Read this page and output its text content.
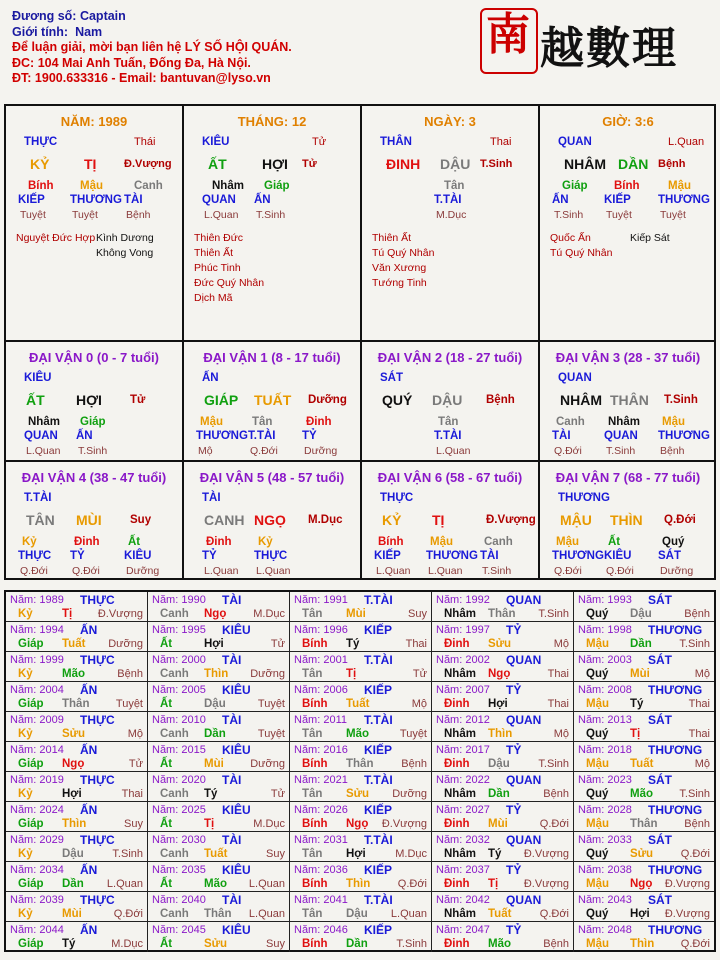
Đương số: Captain
Giới tính: Nam
Để luận giải, mời bạn liên hệ LÝ SỐ HỘI QUÁN.
ĐC: 104 Mai Anh Tuấn, Đống Đa, Hà Nội.
ĐT: 1900.633316 - Email: bantuvan@lyso.vn
南 越數理
NĂM: 1989
THỰC	Thái
KỶ TỊ	Đ.Vượng
Bính
KIẾP
Tuyệt
Mậu
THƯƠNG
Tuyệt
Canh
TÀI
Bệnh
Nguyệt Đức Hợp Kình Dương
Không Vong
THÁNG: 12
KIÊU	Tử
ẤT	HỢI Tử
Nhâm
QUAN
L.Quan
Giáp
ẤN
T.Sinh
Thiên Đức
Thiên Ất
Phúc Tinh
Đức Quý Nhân
Dịch Mã
NGÀY: 3
THÂN	Thai
ĐINH DẬU T.Sinh
Tân
T.TÀI
M.Dục
Thiên Ất
Tú Quý Nhân
Văn Xương
Tướng Tinh
GIỜ: 3:6
QUAN	L.Quan
NHÂM DẦN Bệnh
Giáp
ẤN
T.Sinh
Bính
KIẾP
Tuyệt
Mậu
THƯƠNG
Tuyệt
Quốc Ấn
Tú Quý Nhân
Kiếp Sát
ĐẠI VẬN 0 (0 - 7 tuổi)
KIÊU
ẤT HỢI Tử
Nhâm
QUAN
L.Quan
Giáp
ẤN
T.Sinh
ĐẠI VẬN 1 (8 - 17 tuổi)
ẤN
GIÁP TUẤT Dưỡng
Mậu
THƯƠNG
Mộ
Tân
T.TÀI
Q.Đới
Đinh
TỶ
Dưỡng
ĐẠI VẬN 2 (18 - 27 tuổi)
SÁT
QUÝ DẬU Bệnh
Tân
T.TÀI
L.Quan
ĐẠI VẬN 3 (28 - 37 tuổi)
QUAN
NHÂM THÂN T.Sinh
Canh
TÀI
Q.Đới
Nhâm
QUAN
T.Sinh
Mậu
THƯƠNG
Bệnh
ĐẠI VẬN 4 (38 - 47 tuổi)
T.TÀI
TÂN MÙI Suy
Kỷ
THỰC
Q.Đới
Đinh
TỶ
Q.Đới
Ất
KIÊU
Dưỡng
ĐẠI VẬN 5 (48 - 57 tuổi)
TÀI
CANH NGỌ M.Dục
Đinh
TỶ
L.Quan
Kỷ
THỰC
L.Quan
ĐẠI VẬN 6 (58 - 67 tuổi)
THỰC
KỶ TỊ	Đ.Vượng
Bính
KIẾP
L.Quan
Mậu
THƯƠNG
L.Quan
Canh
TÀI
T.Sinh
ĐẠI VẬN 7 (68 - 77 tuổi)
THƯƠNG
MẬU THÌN Q.Đới
Mậu
THƯƠNG
Q.Đới
Ất
KIÊU
Q.Đới
Quý
SÁT
Dưỡng
Năm: 1989 THỰC
Kỷ	Tị Đ.Vượng
Năm: 1990 TÀI
Canh Ngọ M.Dục
Năm: 1991 T.TÀI
Tân Mùi	Suy
Năm: 1992 QUAN
Nhâm Thân T.Sinh
Năm: 1993 SÁT
Quý Dậu	Bệnh
Năm: 1994 ẤN
Giáp Tuất Dưỡng
Năm: 1995 KIÊU
Ất	Hợi	Tử
Năm: 1996 KIẾP
Bính Tý	Thai
Năm: 1997 TỶ
Đinh Sửu	Mộ
Năm: 1998 THƯƠNG
Mậu Dần	T.Sinh
Năm: 1999 THỰC
Kỷ	Mão	Bệnh
Năm: 2000 TÀI
Canh Thìn Dưỡng
Năm: 2001 T.TÀI
Tân Tị	Tử
Năm: 2002 QUAN
Nhâm Ngọ	Thai
Năm: 2003 SÁT
Quý Mùi	Mộ
Năm: 2004 ẤN
Giáp Thân Tuyệt
Năm: 2005 KIÊU
Ất	Dậu	Tuyệt
Năm: 2006 KIẾP
Bính Tuất	Mộ
Năm: 2007 TỶ
Đinh Hợi	Thai
Năm: 2008 THƯƠNG
Mậu Tý	Thai
Năm: 2009 THỰC
Kỷ	Sửu	Mộ
Năm: 2010 TÀI
Canh Dần	Tuyệt
Năm: 2011 T.TÀI
Tân Mão	Tuyệt
Năm: 2012 QUAN
Nhâm Thìn	Mộ
Năm: 2013 SÁT
Quý Tị	Thai
Năm: 2014 ẤN
Giáp Ngọ	Tử
Năm: 2015 KIÊU
Ất	Mùi Dưỡng
Năm: 2016 KIẾP
Bính Thân	Bệnh
Năm: 2017 TỶ
Đinh Dậu	T.Sinh
Năm: 2018 THƯƠNG
Mậu Tuất	Mộ
Năm: 2019 THỰC
Kỷ	Hợi	Thai
Năm: 2020 TÀI
Canh Tý	Tử
Năm: 2021 T.TÀI
Tân Sửu Dưỡng
Năm: 2022 QUAN
Nhâm Dần	Bệnh
Năm: 2023 SÁT
Quý Mão T.Sinh
Năm: 2024 ẤN
Giáp Thìn	Suy
Năm: 2025 KIÊU
Ất	Tị	M.Dục
Năm: 2026 KIẾP
Bính Ngọ Đ.Vượng
Năm: 2027 TỶ
Đinh Mùi	Q.Đới
Năm: 2028 THƯƠNG
Mậu Thân Bệnh
Năm: 2029 THỰC
Kỷ	Dậu	T.Sinh
Năm: 2030 TÀI
Canh Tuất	Suy
Năm: 2031 T.TÀI
Tân Hợi	M.Dục
Năm: 2032 QUAN
Nhâm Tý Đ.Vượng
Năm: 2033 SÁT
Quý Sửu	Q.Đới
Năm: 2034 ẤN
Giáp Dần L.Quan
Năm: 2035 KIÊU
Ất	Mão L.Quan
Năm: 2036 KIẾP
Bính Thìn	Q.Đới
Năm: 2037 TỶ
Đinh Tị Đ.Vượng
Năm: 2038 THƯƠNG
Mậu Ngọ Đ.Vượng
Năm: 2039 THỰC
Kỷ	Mùi	Q.Đới
Năm: 2040 TÀI
Canh Thân L.Quan
Năm: 2041 T.TÀI
Tân Dậu L.Quan
Năm: 2042 QUAN
Nhâm Tuất	Q.Đới
Năm: 2043 SÁT
Quý Hợi Đ.Vượng
Năm: 2044 ẤN
Giáp Tý	M.Dục
Năm: 2045 KIÊU
Ất	Sửu	Suy
Năm: 2046 KIẾP
Bính Dần	T.Sinh
Năm: 2047 TỶ
Đinh Mão	Bệnh
Năm: 2048 THƯƠNG
Mậu Thìn Q.Đới
